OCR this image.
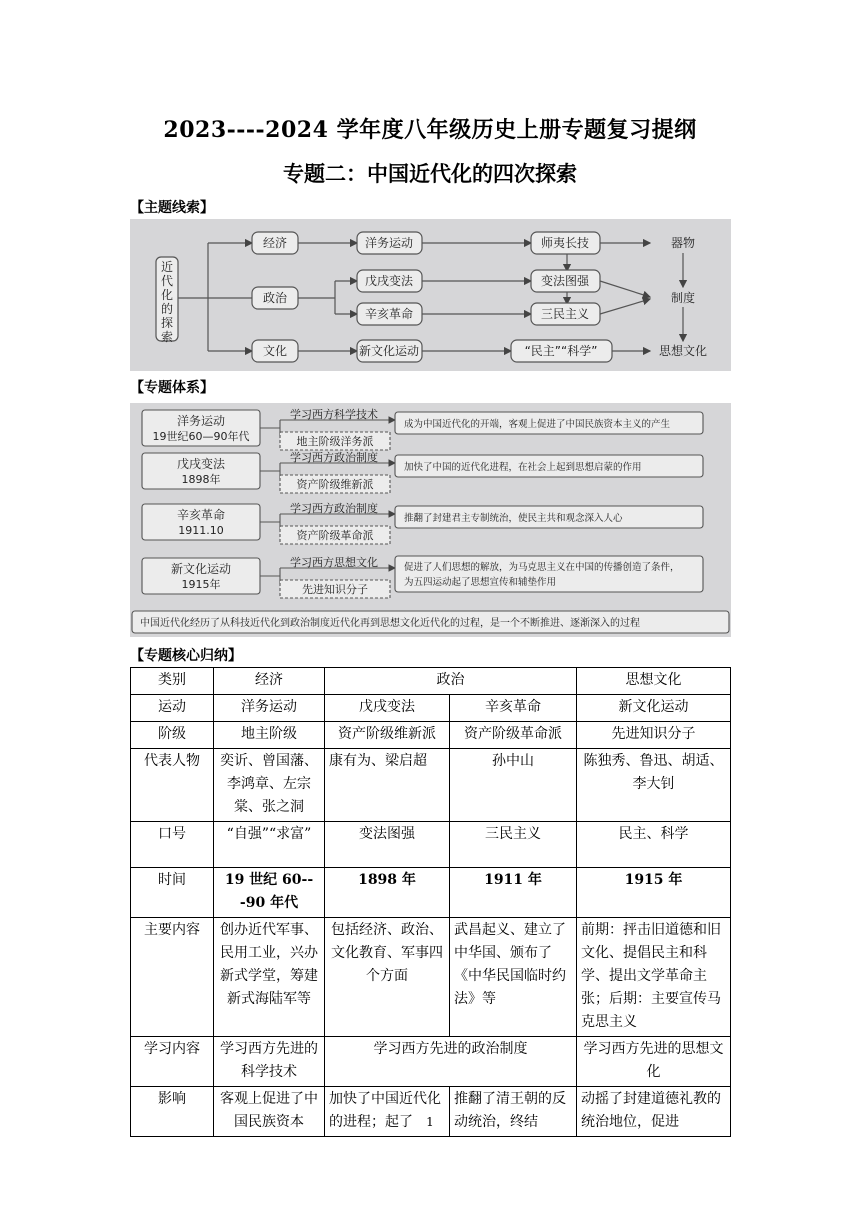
2023----2024 学年度八年级历史上册专题复习提纲
专题二：中国近代化的四次探索
【主题线索】
近代化的探索
经济
政治
文化
洋务运动
戊戌变法
辛亥革命
新文化运动
师夷长技
变法图强
三民主义
“民主”“科学”
器物
制度
思想文化
【专题体系】
洋务运动
19世纪60—90年代
学习西方科学技术
地主阶级洋务派
成为中国近代化的开端，客观上促进了中国民族资本主义的产生
戊戌变法
1898年
学习西方政治制度
资产阶级维新派
加快了中国的近代化进程，在社会上起到思想启蒙的作用
辛亥革命
1911.10
学习西方政治制度
资产阶级革命派
推翻了封建君主专制统治，使民主共和观念深入人心
新文化运动
1915年
学习西方思想文化
先进知识分子
促进了人们思想的解放，为马克思主义在中国的传播创造了条件，
为五四运动起了思想宣传和辅垫作用
中国近代化经历了从科技近代化到政治制度近代化再到思想文化近代化的过程，是一个不断推进、逐渐深入的过程
【专题核心归纳】
类别	经济	政治		思想文化
运动	洋务运动	戊戌变法	辛亥革命	新文化运动
阶级	地主阶级	资产阶级维新派	资产阶级革命派	先进知识分子
代表人物	奕䜣、曾国藩、李鸿章、左宗棠、张之洞	康有为、梁启超	孙中山	陈独秀、鲁迅、胡适、李大钊
口号	“自强”“求富”	变法图强	三民主义	民主、科学
时间	19 世纪 60---90 年代	1898 年	1911 年	1915 年
主要内容	创办近代军事、民用工业，兴办新式学堂，筹建新式海陆军等	包括经济、政治、文化教育、军事四个方面	武昌起义、建立了中华国、颁布了《中华民国临时约法》等	前期：抨击旧道德和旧文化、提倡民主和科学、提出文学革命主张；后期：主要宣传马克思主义
学习内容	学习西方先进的科学技术	学习西方先进的政治制度		学习西方先进的思想文化
影响	客观上促进了中国民族资本	加快了中国近代化的进程；起了	推翻了清王朝的反动统治，终结	动摇了封建道德礼教的统治地位，促进
1
